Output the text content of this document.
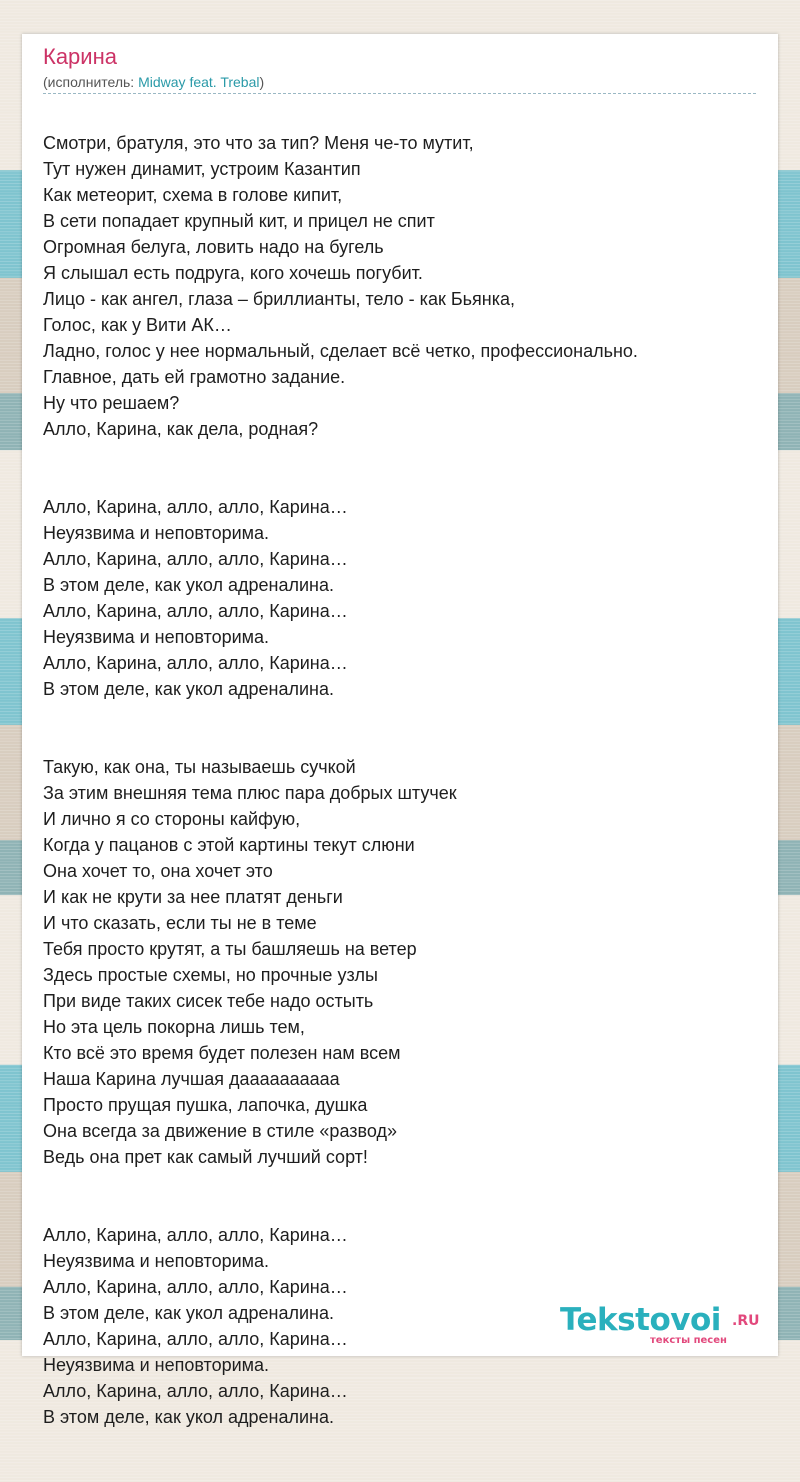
Карина
(исполнитель: Midway feat. Trebal)

Смотри, братуля, это что за тип? Меня че-то мутит,
Тут нужен динамит, устроим Казантип
Как метеорит, схема в голове кипит,
В сети попадает крупный кит, и прицел не спит
Огромная белуга, ловить надо на бугель
Я слышал есть подруга, кого хочешь погубит.
Лицо - как ангел, глаза – бриллианты, тело - как Бьянка,
Голос, как у Вити АК…
Ладно, голос у нее нормальный, сделает всё четко, профессионально.
Главное, дать ей грамотно задание.
Ну что решаем?
Алло, Карина, как дела, родная?

Алло, Карина, алло, алло, Карина…
Неуязвима и неповторима.
Алло, Карина, алло, алло, Карина…
В этом деле, как укол адреналина.
Алло, Карина, алло, алло, Карина…
Неуязвима и неповторима.
Алло, Карина, алло, алло, Карина…
В этом деле, как укол адреналина.

Такую, как она, ты называешь сучкой
За этим внешняя тема плюс пара добрых штучек
И лично я со стороны кайфую,
Когда у пацанов с этой картины текут слюни
Она хочет то, она хочет это
И как не крути за нее платят деньги
И что сказать, если ты не в теме
Тебя просто крутят, а ты башляешь на ветер
Здесь простые схемы, но прочные узлы
При виде таких сисек тебе надо остыть
Но эта цель покорна лишь тем,
Кто всё это время будет полезен нам всем
Наша Карина лучшая даааааааааа
Просто прущая пушка, лапочка, душка
Она всегда за движение в стиле «развод»
Ведь она прет как самый лучший сорт!

Алло, Карина, алло, алло, Карина…
Неуязвима и неповторима.
Алло, Карина, алло, алло, Карина…
В этом деле, как укол адреналина.
Алло, Карина, алло, алло, Карина…
Неуязвима и неповторима.
Алло, Карина, алло, алло, Карина…
В этом деле, как укол адреналина.

Tekstovoi .RU
тексты песен
